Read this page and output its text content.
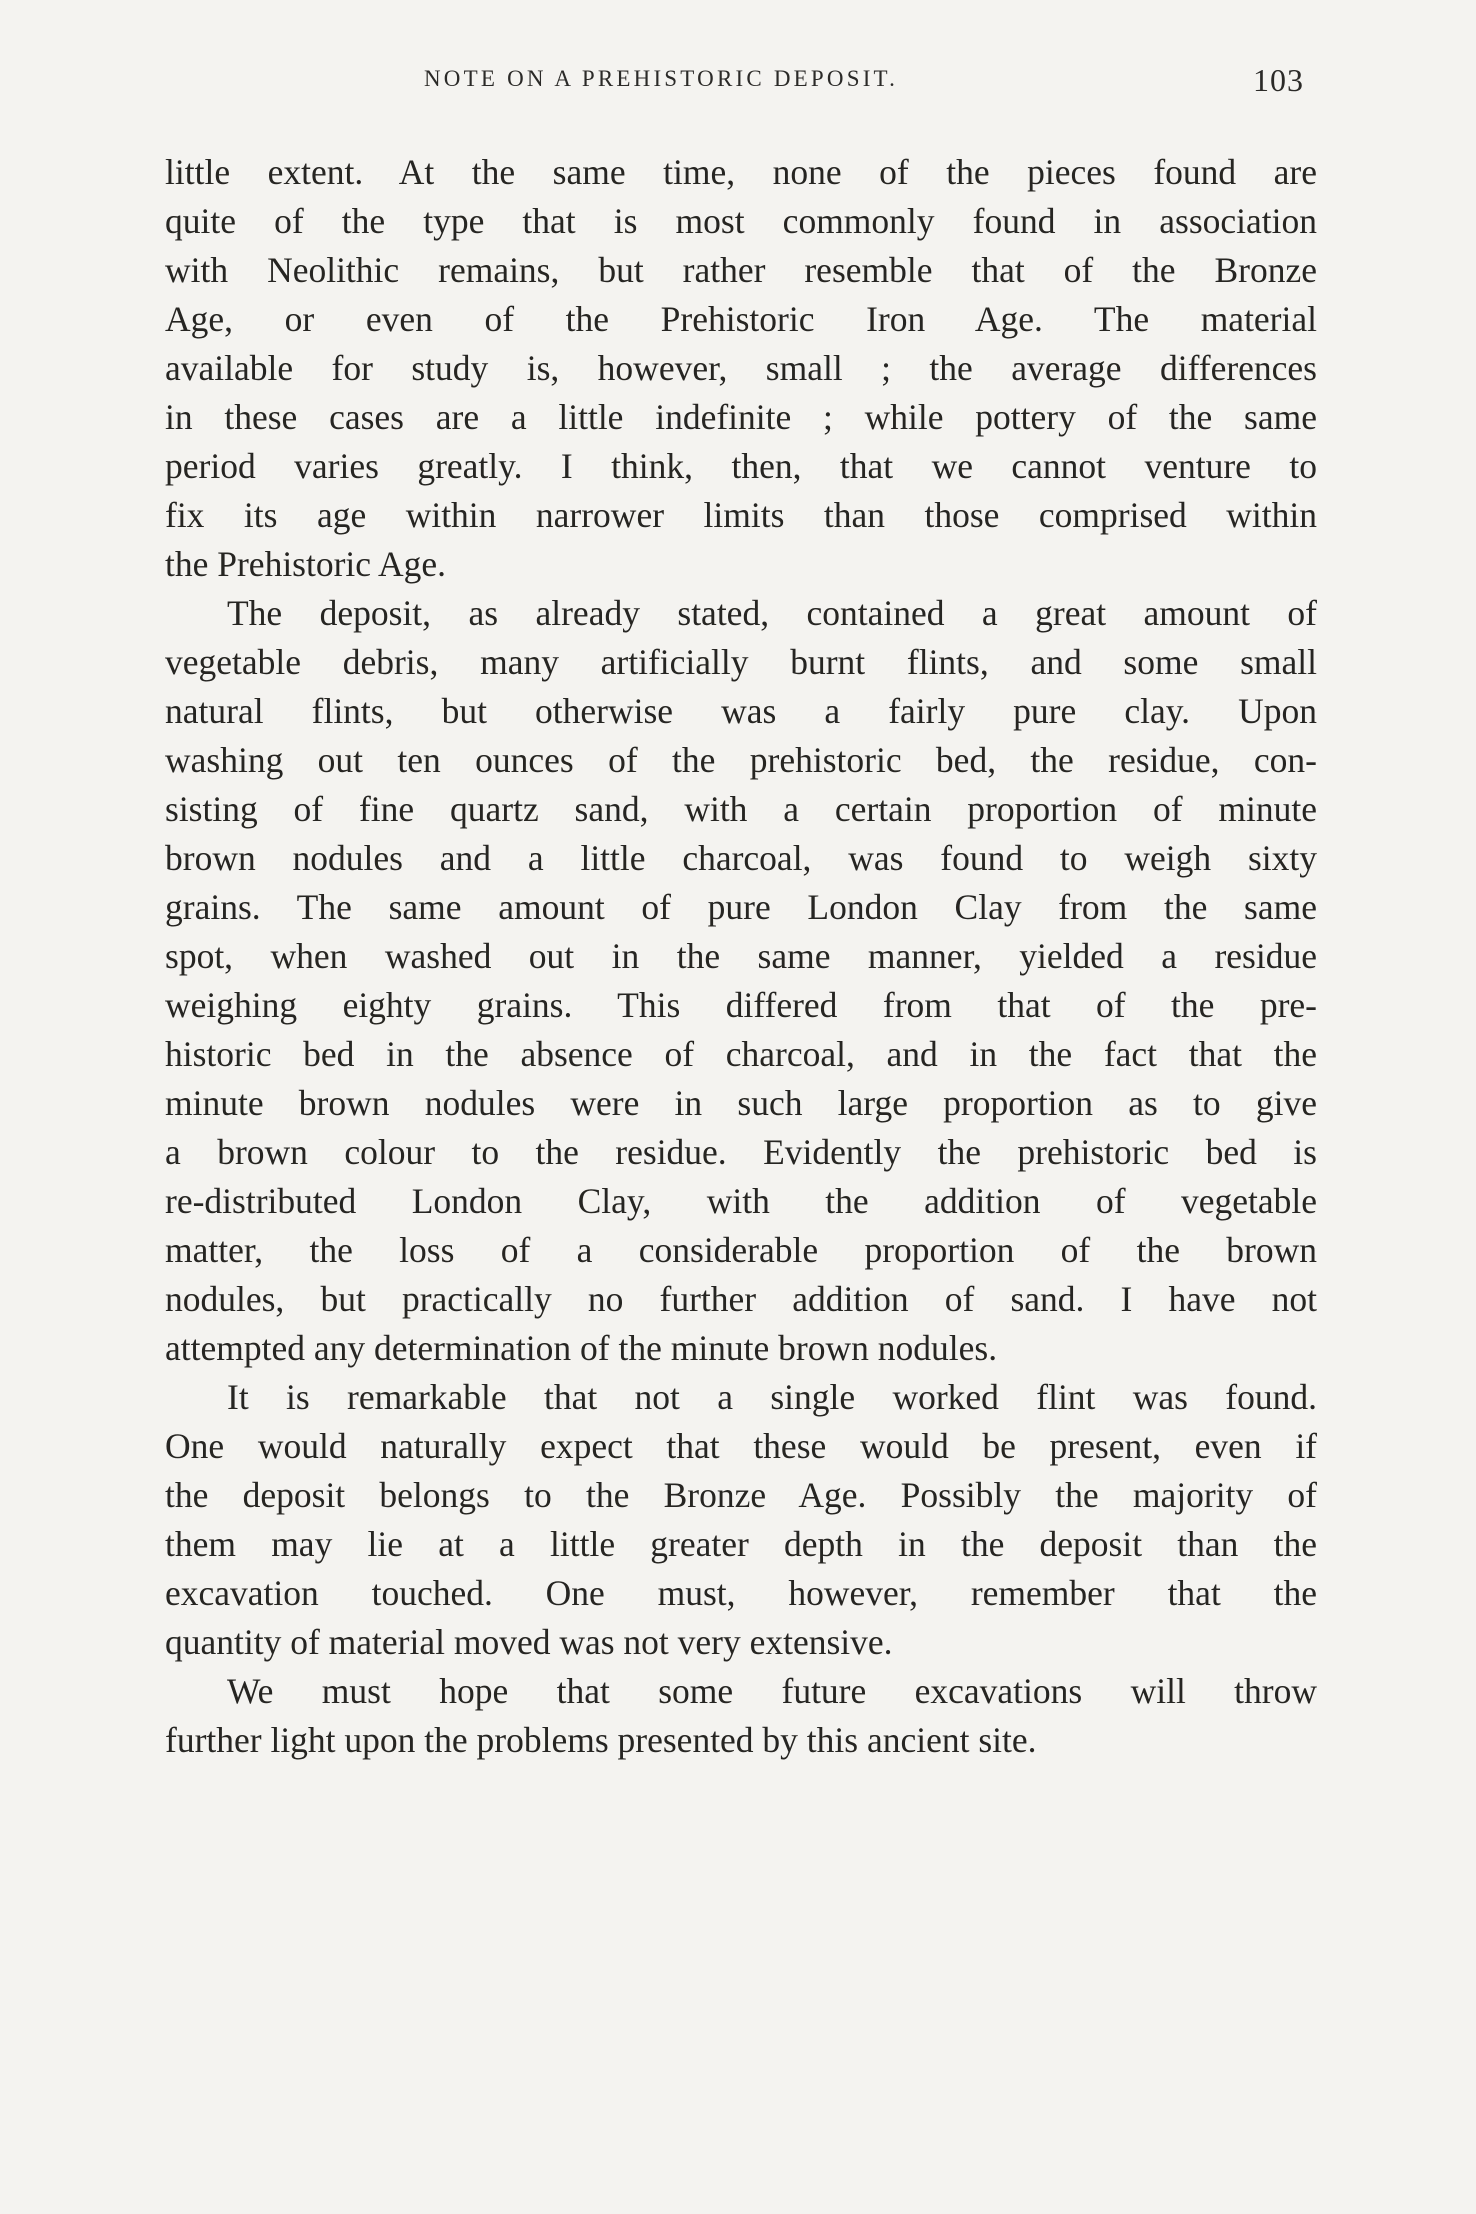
NOTE ON A PREHISTORIC DEPOSIT.	103
little extent. At the same time, none of the pieces found are
quite of the type that is most commonly found in association
with Neolithic remains, but rather resemble that of the Bronze
Age, or even of the Prehistoric Iron Age. The material
available for study is, however, small ; the average differences
in these cases are a little indefinite ; while pottery of the same
period varies greatly. I think, then, that we cannot venture to
fix its age within narrower limits than those comprised within
the Prehistoric Age.
The deposit, as already stated, contained a great amount of
vegetable debris, many artificially burnt flints, and some small
natural flints, but otherwise was a fairly pure clay. Upon
washing out ten ounces of the prehistoric bed, the residue, con-
sisting of fine quartz sand, with a certain proportion of minute
brown nodules and a little charcoal, was found to weigh sixty
grains. The same amount of pure London Clay from the same
spot, when washed out in the same manner, yielded a residue
weighing eighty grains. This differed from that of the pre-
historic bed in the absence of charcoal, and in the fact that the
minute brown nodules were in such large proportion as to give
a brown colour to the residue. Evidently the prehistoric bed is
re-distributed London Clay, with the addition of vegetable
matter, the loss of a considerable proportion of the brown
nodules, but practically no further addition of sand. I have not
attempted any determination of the minute brown nodules.
It is remarkable that not a single worked flint was found.
One would naturally expect that these would be present, even if
the deposit belongs to the Bronze Age. Possibly the majority of
them may lie at a little greater depth in the deposit than the
excavation touched. One must, however, remember that the
quantity of material moved was not very extensive.
We must hope that some future excavations will throw
further light upon the problems presented by this ancient site.
